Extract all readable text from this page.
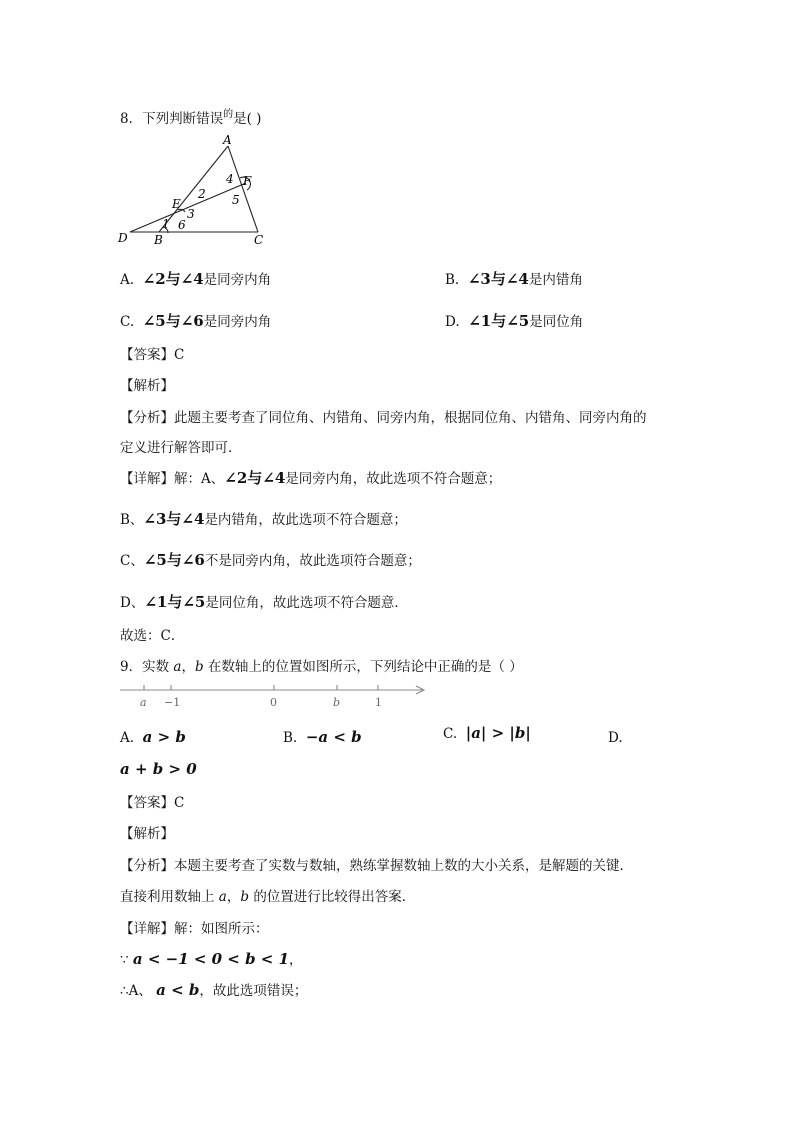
8．下列判断错误$^的$是( )
A
B	C
D
E
F
1
2
3
4
5
6
A. ∠2与∠4是同旁内角	B. ∠3与∠4是内错角
C. ∠5与∠6是同旁内角	D. ∠1与∠5是同位角
【答案】C
【解析】
【分析】此题主要考查了同位角、内错角、同旁内角，根据同位角、内错角、同旁内角的
定义进行解答即可．
【详解】解：A、∠2与∠4是同旁内角，故此选项不符合题意；
B、∠3与∠4是内错角，故此选项不符合题意；
C、∠5与∠6不是同旁内角，故此选项符合题意；
D、∠1与∠5是同位角，故此选项不符合题意．
故选：C．
9．实数 a，b 在数轴上的位置如图所示，下列结论中正确的是（ ）
a −1	0	b	1
A. a > b	B. −a < b	C. |a| > |b|	D.
a + b > 0
【答案】C
【解析】
【分析】本题主要考查了实数与数轴，熟练掌握数轴上数的大小关系，是解题的关键．
直接利用数轴上 a，b 的位置进行比较得出答案．
【详解】解：如图所示：
∵ a < −1 < 0 < b < 1，
∴A、 a < b，故此选项错误；
